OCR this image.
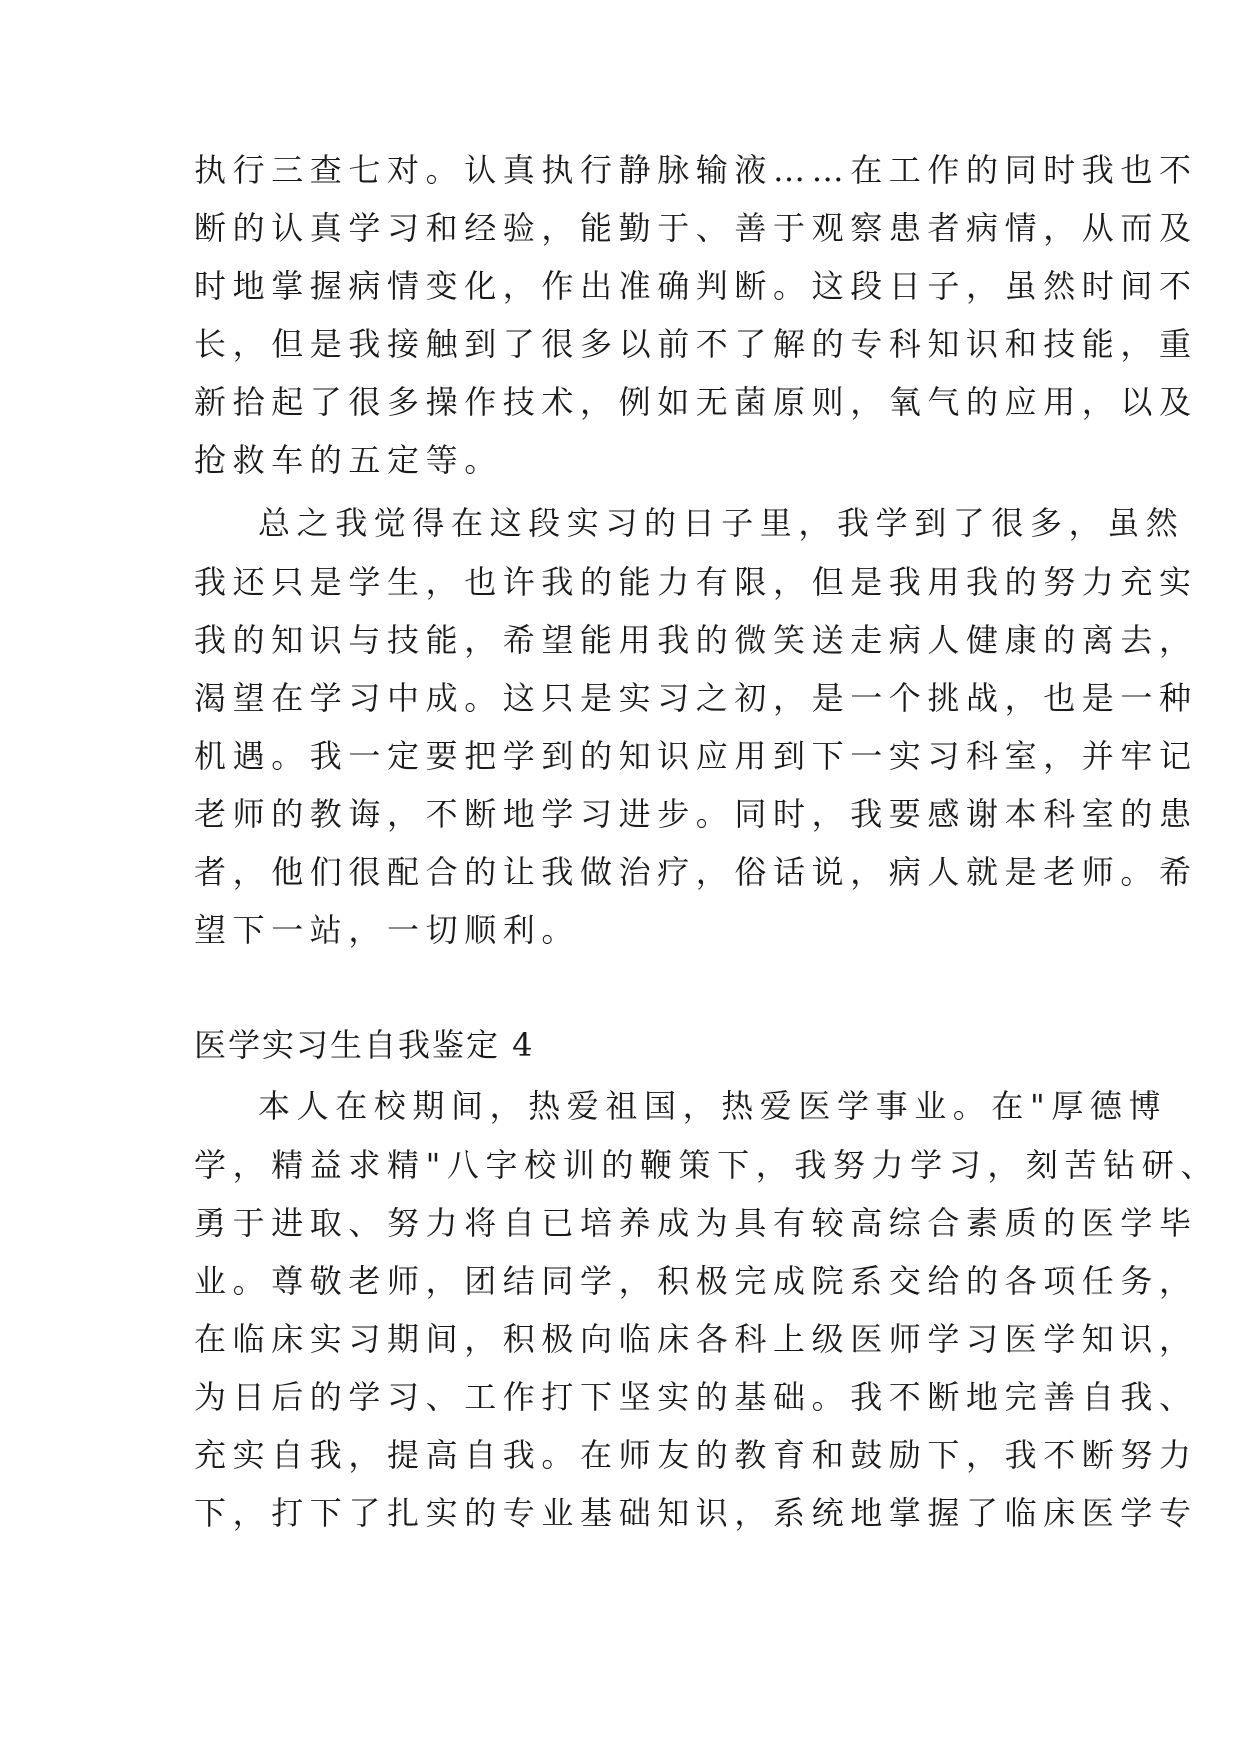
执行三查七对。认真执行静脉输液……在工作的同时我也不
断的认真学习和经验，能勤于、善于观察患者病情，从而及
时地掌握病情变化，作出准确判断。这段日子，虽然时间不
长，但是我接触到了很多以前不了解的专科知识和技能，重
新拾起了很多操作技术，例如无菌原则，氧气的应用，以及
抢救车的五定等。
总之我觉得在这段实习的日子里，我学到了很多，虽然
我还只是学生，也许我的能力有限，但是我用我的努力充实
我的知识与技能，希望能用我的微笑送走病人健康的离去，
渴望在学习中成。这只是实习之初，是一个挑战，也是一种
机遇。我一定要把学到的知识应用到下一实习科室，并牢记
老师的教诲，不断地学习进步。同时，我要感谢本科室的患
者，他们很配合的让我做治疗，俗话说，病人就是老师。希
望下一站，一切顺利。
医学实习生自我鉴定 4
本人在校期间，热爱祖国，热爱医学事业。在"厚德博
学，精益求精"八字校训的鞭策下，我努力学习，刻苦钻研、
勇于进取、努力将自已培养成为具有较高综合素质的医学毕
业。尊敬老师，团结同学，积极完成院系交给的各项任务，
在临床实习期间，积极向临床各科上级医师学习医学知识，
为日后的学习、工作打下坚实的基础。我不断地完善自我、
充实自我，提高自我。在师友的教育和鼓励下，我不断努力
下，打下了扎实的专业基础知识，系统地掌握了临床医学专
